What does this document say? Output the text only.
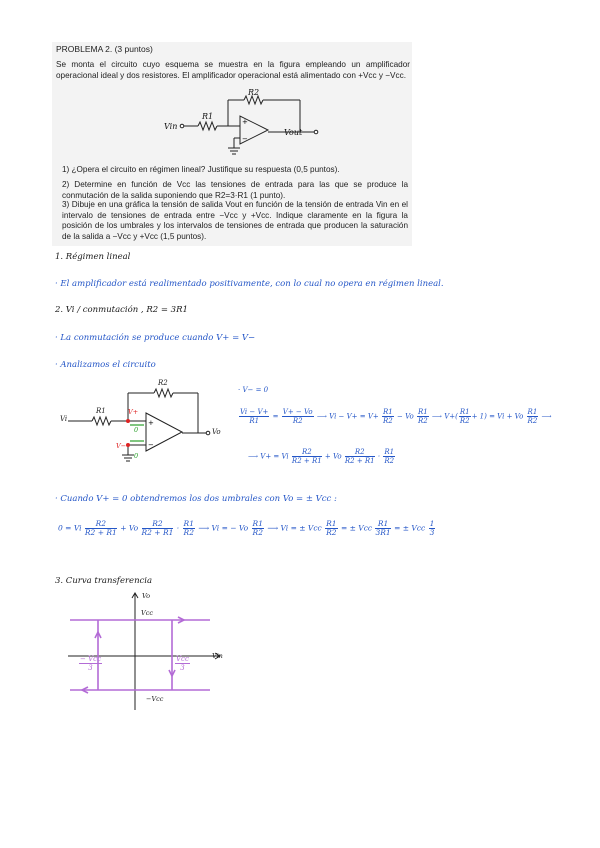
PROBLEMA 2. (3 puntos)
Se monta el circuito cuyo esquema se muestra en la figura empleando un amplificador operacional ideal y dos resistores. El amplificador operacional está alimentado con +Vcc y −Vcc.
+
−
R1
R2
Vin
Vout
1) ¿Opera el circuito en régimen lineal? Justifique su respuesta (0,5 puntos).
2) Determine en función de Vcc las tensiones de entrada para las que se produce la conmutación de la salida suponiendo que R2=3·R1 (1 punto).
3) Dibuje en una gráfica la tensión de salida Vout en función de la tensión de entrada Vin en el intervalo de tensiones de entrada entre −Vcc y +Vcc. Indique claramente en la figura la posición de los umbrales y los intervalos de tensiones de entrada que producen la saturación de la salida a −Vcc y +Vcc (1,5 puntos).
1. Régimen lineal
· El amplificador está realimentado positivamente, con lo cual no opera en régimen lineal.
2. Vi / conmutación , R2 = 3R1
· La conmutación se produce cuando V+ = V−
· Analizamos el circuito
+
−
Vi
R1
R2
Vo
V+
V−
0
0
· V− = 0
$\frac{Vi - V+}{R1} = \frac{V+ - Vo}{R2}$ ⟶ $Vi - V+ = V+ \frac{R1}{R2} - Vo \frac{R1}{R2}$ ⟶ $V+( \frac{R1}{R2} + 1) = Vi + Vo \frac{R1}{R2}$ ⟶
⟶ V+ = Vi $\frac{R2}{R2 + R1} + Vo \frac{R2}{R2 + R1} \cdot \frac{R1}{R2}$
· Cuando V+ = 0 obtendremos los dos umbrales con Vo = ± Vcc :
0 = Vi $\frac{R2}{R2 + R1} + Vo \frac{R2}{R2 + R1} \cdot \frac{R1}{R2}$ ⟶ Vi = − Vo $\frac{R1}{R2}$ ⟶ Vi = ± Vcc $\frac{R1}{R2}$ = ± Vcc $\frac{R1}{3R1}$ = ± Vcc $\frac{1}{3}$
3. Curva transferencia
Vo
Vin
Vcc
−Vcc
$\frac{\text{− Vcc}}{3}$	$\frac{\text{Vcc}}{3}$
